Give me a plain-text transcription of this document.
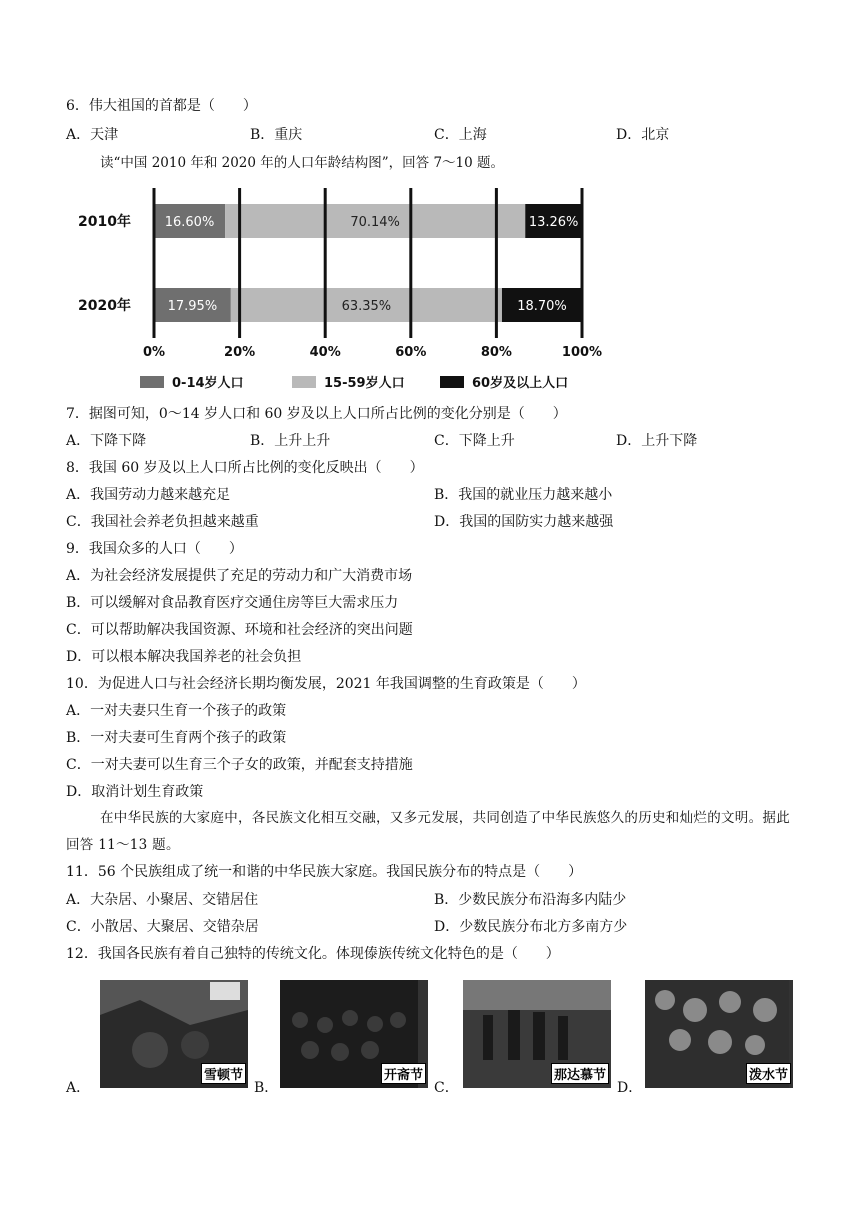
6．伟大祖国的首都是（　　）
A．天津	B．重庆	C．上海	D．北京
读“中国 2010 年和 2020 年的人口年龄结构图”，回答 7～10 题。
2010年
2020年
16.60%	70.14%	13.26%
17.95%	63.35%	18.70%
0%	20%	40%	60%	80%	100%
0-14岁人口	15-59岁人口	60岁及以上人口
7．据图可知，0～14 岁人口和 60 岁及以上人口所占比例的变化分别是（　　）
A．下降下降	B．上升上升	C．下降上升	D．上升下降
8．我国 60 岁及以上人口所占比例的变化反映出（　　）
A．我国劳动力越来越充足	B．我国的就业压力越来越小
C．我国社会养老负担越来越重	D．我国的国防实力越来越强
9．我国众多的人口（　　）
A．为社会经济发展提供了充足的劳动力和广大消费市场
B．可以缓解对食品教育医疗交通住房等巨大需求压力
C．可以帮助解决我国资源、环境和社会经济的突出问题
D．可以根本解决我国养老的社会负担
10．为促进人口与社会经济长期均衡发展，2021 年我国调整的生育政策是（　　）
A．一对夫妻只生育一个孩子的政策
B．一对夫妻可生育两个孩子的政策
C．一对夫妻可以生育三个子女的政策，并配套支持措施
D．取消计划生育政策
在中华民族的大家庭中，各民族文化相互交融，又多元发展，共同创造了中华民族悠久的历史和灿烂的文明。据此回答 11～13 题。
11．56 个民族组成了统一和谐的中华民族大家庭。我国民族分布的特点是（　　）
A．大杂居、小聚居、交错居住	B．少数民族分布沿海多内陆少
C．小散居、大聚居、交错杂居	D．少数民族分布北方多南方少
12．我国各民族有着自己独特的传统文化。体现傣族传统文化特色的是（　　）
A．
雪顿节
B．
开斋节
C．
那达慕节
D．
泼水节
